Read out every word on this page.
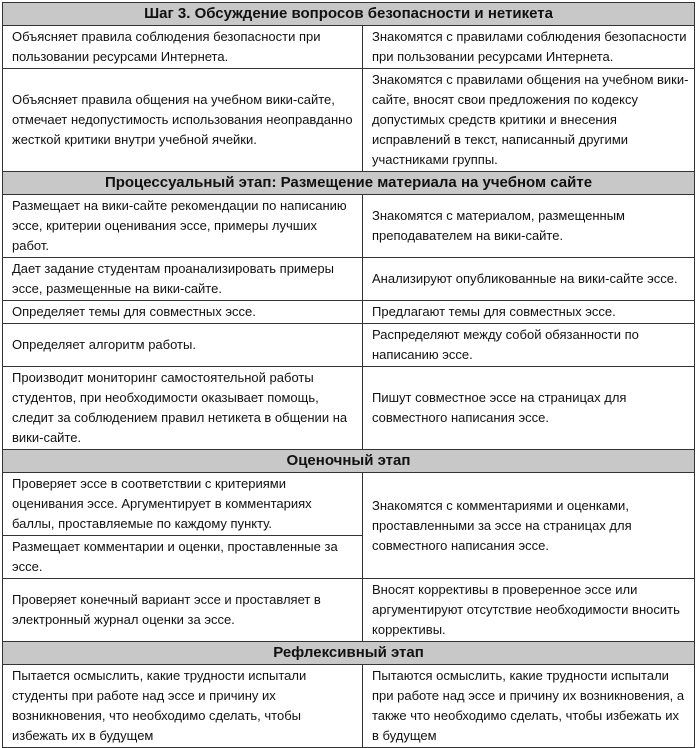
Шаг 3. Обсуждение вопросов безопасности и нетикета	
Объясняет правила соблюдения безопасности при пользовании ресурсами Интернета.	Знакомятся с правилами соблюдения безопасности при пользовании ресурсами Интернета.
Объясняет правила общения на учебном вики-сайте, отмечает недопустимость использования неоправданно жесткой критики внутри учебной ячейки.	Знакомятся с правилами общения на учебном вики-сайте, вносят свои предложения по кодексу допустимых средств критики и внесения исправлений в текст, написанный другими участниками группы.
Процессуальный этап: Размещение материала на учебном сайте	
Размещает на вики-сайте рекомендации по написанию эссе, критерии оценивания эссе, примеры лучших работ.	Знакомятся с материалом, размещенным преподавателем на вики-сайте.
Дает задание студентам проанализировать примеры эссе, размещенные на вики-сайте.	Анализируют опубликованные на вики-сайте эссе.
Определяет темы для совместных эссе.	Предлагают темы для совместных эссе.
Определяет алгоритм работы.	Распределяют между собой обязанности по написанию эссе.
Производит мониторинг самостоятельной работы студентов, при необходимости оказывает помощь, следит за соблюдением правил нетикета в общении на вики-сайте.	Пишут совместное эссе на страницах для совместного написания эссе.
Оценочный этап	
Проверяет эссе в соответствии с критериями оценивания эссе. Аргументирует в комментариях баллы, проставляемые по каждому пункту.	Знакомятся с комментариями и оценками, проставленными за эссе на страницах для совместного написания эссе.
Размещает комментарии и оценки, проставленные за эссе.	
Проверяет конечный вариант эссе и проставляет в электронный журнал оценки за эссе.	Вносят коррективы в проверенное эссе или аргументируют отсутствие необходимости вносить коррективы.
Рефлексивный этап	
Пытается осмыслить, какие трудности испытали студенты при работе над эссе и причину их возникновения, что необходимо сделать, чтобы избежать их в будущем	Пытаются осмыслить, какие трудности испытали при работе над эссе и причину их возникновения, а также что необходимо сделать, чтобы избежать их в будущем
